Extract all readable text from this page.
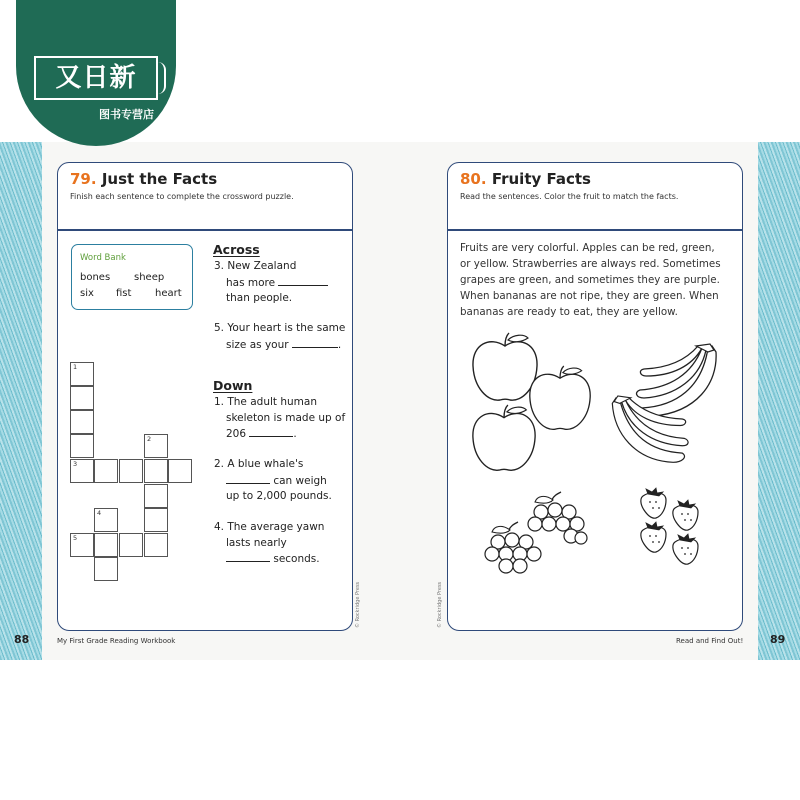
79. Just the Facts
Finish each sentence to complete the crossword puzzle.
Word Bank
bones sheep
six fist heart
1
2
3
4
5
Across
3. New Zealand
has more
than people.
5. Your heart is the same
size as your	.
Down
1. The adult human
skeleton is made up of
206	.
2. A blue whale's
can weigh
up to 2,000 pounds.
4. The average yawn
lasts nearly
seconds.
© Rockridge Press
88	My First Grade Reading Workbook
80. Fruity Facts
Read the sentences. Color the fruit to match the facts.
Fruits are very colorful. Apples can be red, green,
or yellow. Strawberries are always red. Sometimes
grapes are green, and sometimes they are purple.
When bananas are not ripe, they are green. When
bananas are ready to eat, they are yellow.
© Rockridge Press
Read and Find Out! 89
又日新
图书专营店
